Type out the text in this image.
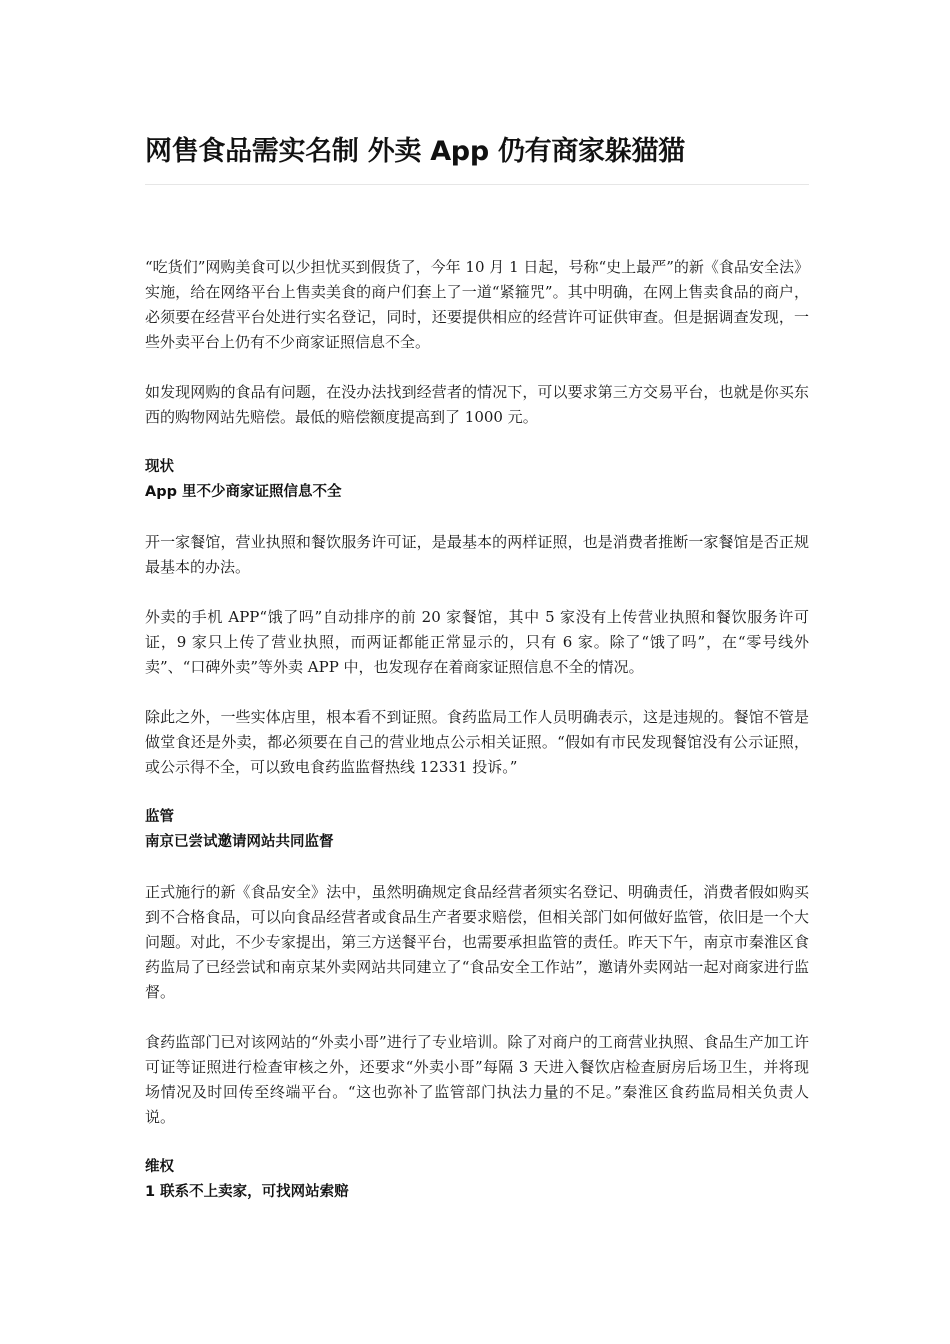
网售食品需实名制 外卖 App 仍有商家躲猫猫

“吃货们”网购美食可以少担忧买到假货了，今年 10 月 1 日起，号称“史上最严”的新《食品安全法》实施，给在网络平台上售卖美食的商户们套上了一道“紧箍咒”。其中明确，在网上售卖食品的商户，必须要在经营平台处进行实名登记，同时，还要提供相应的经营许可证供审查。但是据调查发现，一些外卖平台上仍有不少商家证照信息不全。

如发现网购的食品有问题，在没办法找到经营者的情况下，可以要求第三方交易平台，也就是你买东西的购物网站先赔偿。最低的赔偿额度提高到了 1000 元。

现状

App 里不少商家证照信息不全

开一家餐馆，营业执照和餐饮服务许可证，是最基本的两样证照，也是消费者推断一家餐馆是否正规最基本的办法。

外卖的手机 APP“饿了吗”自动排序的前 20 家餐馆，其中 5 家没有上传营业执照和餐饮服务许可证，9 家只上传了营业执照，而两证都能正常显示的，只有 6 家。除了“饿了吗”，在“零号线外卖”、“口碑外卖”等外卖 APP 中，也发现存在着商家证照信息不全的情况。

除此之外，一些实体店里，根本看不到证照。食药监局工作人员明确表示，这是违规的。餐馆不管是做堂食还是外卖，都必须要在自己的营业地点公示相关证照。“假如有市民发现餐馆没有公示证照，或公示得不全，可以致电食药监监督热线 12331 投诉。”

监管

南京已尝试邀请网站共同监督

正式施行的新《食品安全》法中，虽然明确规定食品经营者须实名登记、明确责任，消费者假如购买到不合格食品，可以向食品经营者或食品生产者要求赔偿，但相关部门如何做好监管，依旧是一个大问题。对此，不少专家提出，第三方送餐平台，也需要承担监管的责任。昨天下午，南京市秦淮区食药监局了已经尝试和南京某外卖网站共同建立了“食品安全工作站”，邀请外卖网站一起对商家进行监督。

食药监部门已对该网站的“外卖小哥”进行了专业培训。除了对商户的工商营业执照、食品生产加工许可证等证照进行检查审核之外，还要求“外卖小哥”每隔 3 天进入餐饮店检查厨房后场卫生，并将现场情况及时回传至终端平台。“这也弥补了监管部门执法力量的不足。”秦淮区食药监局相关负责人说。

维权

1 联系不上卖家，可找网站索赔
